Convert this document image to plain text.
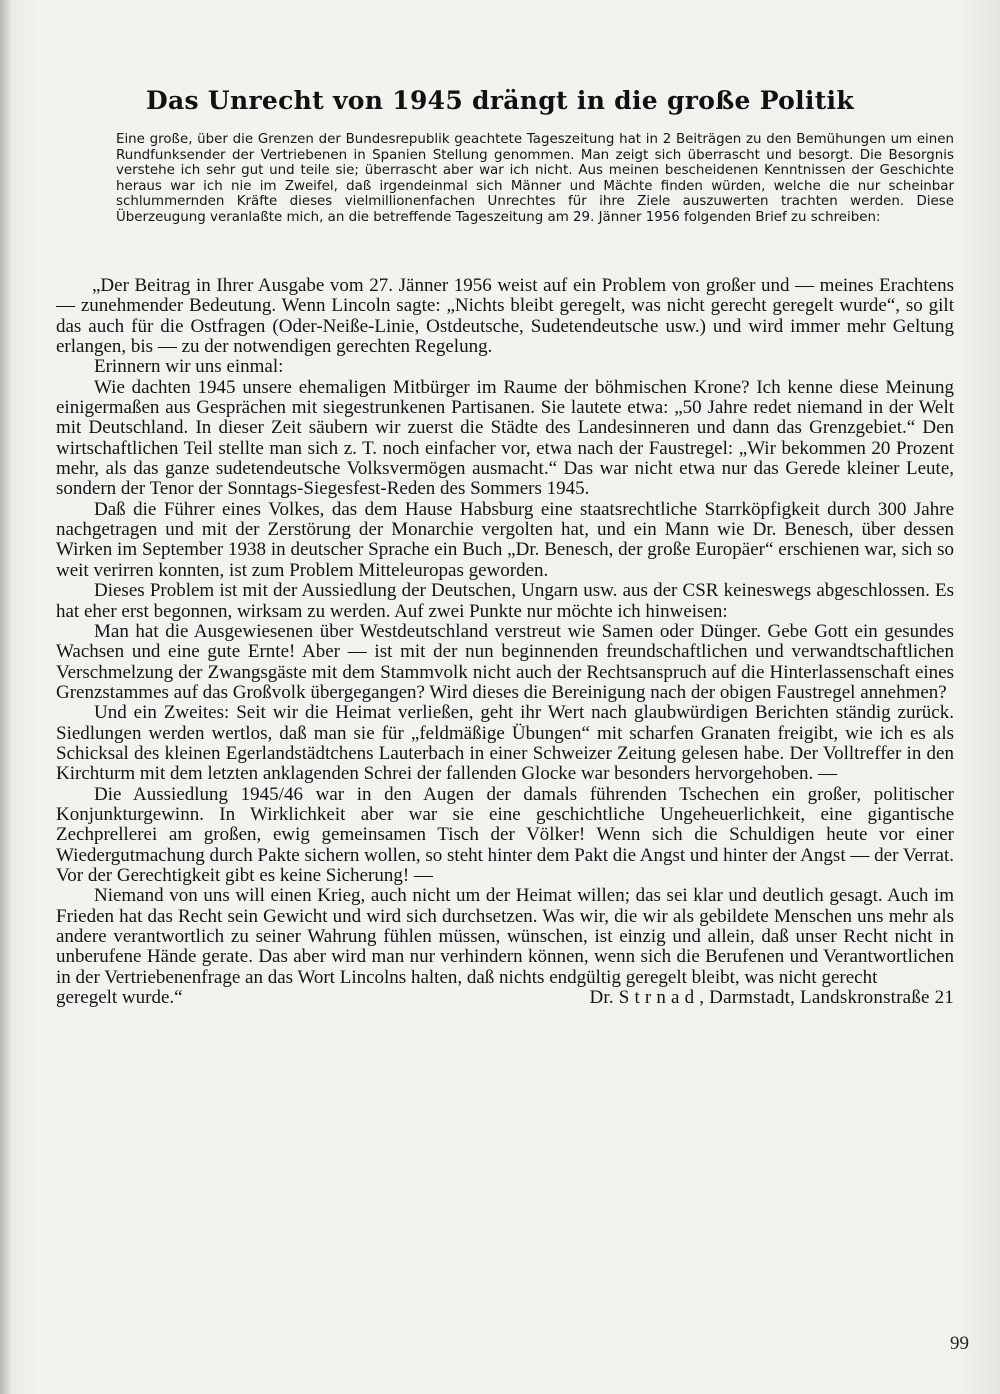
Das Unrecht von 1945 drängt in die große Politik

Eine große, über die Grenzen der Bundesrepublik geachtete Tageszeitung hat in 2 Beiträgen zu den Bemühungen um einen Rundfunksender der Vertriebenen in Spanien Stellung genommen. Man zeigt sich überrascht und besorgt. Die Besorgnis verstehe ich sehr gut und teile sie; überrascht aber war ich nicht. Aus meinen bescheidenen Kenntnissen der Geschichte heraus war ich nie im Zweifel, daß irgendeinmal sich Männer und Mächte finden würden, welche die nur scheinbar schlummernden Kräfte dieses vielmillionenfachen Unrechtes für ihre Ziele auszuwerten trachten werden. Diese Überzeugung veranlaßte mich, an die betreffende Tageszeitung am 29. Jänner 1956 folgenden Brief zu schreiben:

„Der Beitrag in Ihrer Ausgabe vom 27. Jänner 1956 weist auf ein Problem von großer und — meines Erachtens — zunehmender Bedeutung. Wenn Lincoln sagte: „Nichts bleibt geregelt, was nicht gerecht geregelt wurde“, so gilt das auch für die Ostfragen (Oder-Neiße-Linie, Ostdeutsche, Sudetendeutsche usw.) und wird immer mehr Geltung erlangen, bis — zu der notwendigen gerechten Regelung.

Erinnern wir uns einmal:

Wie dachten 1945 unsere ehemaligen Mitbürger im Raume der böhmischen Krone? Ich kenne diese Meinung einigermaßen aus Gesprächen mit siegestrunkenen Partisanen. Sie lautete etwa: „50 Jahre redet niemand in der Welt mit Deutschland. In dieser Zeit säubern wir zuerst die Städte des Landesinneren und dann das Grenzgebiet.“ Den wirtschaftlichen Teil stellte man sich z. T. noch einfacher vor, etwa nach der Faustregel: „Wir bekommen 20 Prozent mehr, als das ganze sudetendeutsche Volksvermögen ausmacht.“ Das war nicht etwa nur das Gerede kleiner Leute, sondern der Tenor der Sonntags-Siegesfest-Reden des Sommers 1945.

Daß die Führer eines Volkes, das dem Hause Habsburg eine staatsrechtliche Starrköpfigkeit durch 300 Jahre nachgetragen und mit der Zerstörung der Monarchie vergolten hat, und ein Mann wie Dr. Benesch, über dessen Wirken im September 1938 in deutscher Sprache ein Buch „Dr. Benesch, der große Europäer“ erschienen war, sich so weit verirren konnten, ist zum Problem Mitteleuropas geworden.

Dieses Problem ist mit der Aussiedlung der Deutschen, Ungarn usw. aus der CSR keineswegs abgeschlossen. Es hat eher erst begonnen, wirksam zu werden. Auf zwei Punkte nur möchte ich hinweisen:

Man hat die Ausgewiesenen über Westdeutschland verstreut wie Samen oder Dünger. Gebe Gott ein gesundes Wachsen und eine gute Ernte! Aber — ist mit der nun beginnenden freundschaftlichen und verwandtschaftlichen Verschmelzung der Zwangsgäste mit dem Stammvolk nicht auch der Rechtsanspruch auf die Hinterlassenschaft eines Grenzstammes auf das Großvolk übergegangen? Wird dieses die Bereinigung nach der obigen Faustregel annehmen?

Und ein Zweites: Seit wir die Heimat verließen, geht ihr Wert nach glaubwürdigen Berichten ständig zurück. Siedlungen werden wertlos, daß man sie für „feldmäßige Übungen“ mit scharfen Granaten freigibt, wie ich es als Schicksal des kleinen Egerlandstädtchens Lauterbach in einer Schweizer Zeitung gelesen habe. Der Volltreffer in den Kirchturm mit dem letzten anklagenden Schrei der fallenden Glocke war besonders hervorgehoben. —

Die Aussiedlung 1945/46 war in den Augen der damals führenden Tschechen ein großer, politischer Konjunkturgewinn. In Wirklichkeit aber war sie eine geschichtliche Ungeheuerlichkeit, eine gigantische Zechprellerei am großen, ewig gemeinsamen Tisch der Völker! Wenn sich die Schuldigen heute vor einer Wiedergutmachung durch Pakte sichern wollen, so steht hinter dem Pakt die Angst und hinter der Angst — der Verrat. Vor der Gerechtigkeit gibt es keine Sicherung! —

Niemand von uns will einen Krieg, auch nicht um der Heimat willen; das sei klar und deutlich gesagt. Auch im Frieden hat das Recht sein Gewicht und wird sich durchsetzen. Was wir, die wir als gebildete Menschen uns mehr als andere verantwortlich zu seiner Wahrung fühlen müssen, wünschen, ist einzig und allein, daß unser Recht nicht in unberufene Hände gerate. Das aber wird man nur verhindern können, wenn sich die Berufenen und Verantwortlichen in der Vertriebenenfrage an das Wort Lincolns halten, daß nichts endgültig geregelt bleibt, was nicht gerecht

geregelt wurde.“	Dr. S t r n a d , Darmstadt, Landskronstraße 21
99
